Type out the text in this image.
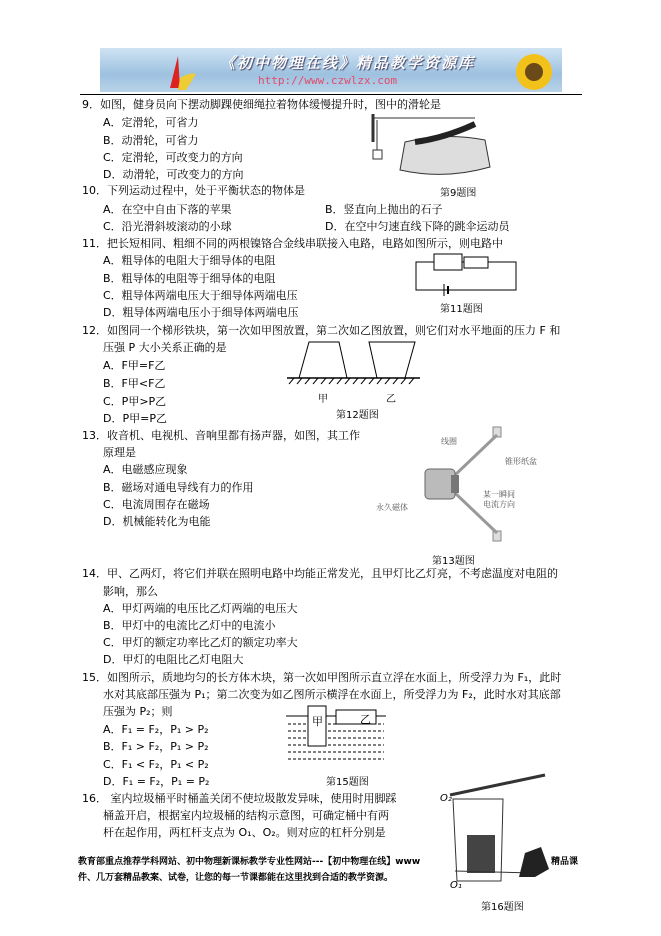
《初中物理在线》精品教学资源库
http://www.czwlzx.com
9．如图，健身员向下摆动脚踝使细绳拉着物体缓慢提升时，图中的滑轮是
A．定滑轮，可省力
B．动滑轮，可省力
C．定滑轮，可改变力的方向
D．动滑轮，可改变力的方向
第9题图
10．下列运动过程中，处于平衡状态的物体是
A．在空中自由下落的苹果	B．竖直向上抛出的石子
C．沿光滑斜坡滚动的小球	D．在空中匀速直线下降的跳伞运动员
11．把长短相同、粗细不同的两根镍铬合金线串联接入电路，电路如图所示，则电路中
A．粗导体的电阻大于细导体的电阻
B．粗导体的电阻等于细导体的电阻
C．粗导体两端电压大于细导体两端电压
D．粗导体两端电压小于细导体两端电压	第11题图
12．如图同一个梯形铁块，第一次如甲图放置，第二次如乙图放置，则它们对水平地面的压力 F 和
压强 P 大小关系正确的是
A．F甲=F乙
B．F甲<F乙
C．P甲>P乙
D．P甲=P乙
甲	乙
第12题图
13．收音机、电视机、音响里都有扬声器，如图，其工作
原理是
A．电磁感应现象
B．磁场对通电导线有力的作用
C．电流周围存在磁场
D．机械能转化为电能
线圈
锥形纸盆
某一瞬间
电流方向
永久磁体
第13题图
14．甲、乙两灯，将它们并联在照明电路中均能正常发光，且甲灯比乙灯亮，不考虑温度对电阻的
影响，那么
A．甲灯两端的电压比乙灯两端的电压大
B．甲灯中的电流比乙灯中的电流小
C．甲灯的额定功率比乙灯的额定功率大
D．甲灯的电阻比乙灯电阻大
15．如图所示，质地均匀的长方体木块，第一次如甲图所示直立浮在水面上，所受浮力为 F₁，此时
水对其底部压强为 P₁；第二次变为如乙图所示横浮在水面上，所受浮力为 F₂，此时水对其底部
压强为 P₂；则
A．F₁ = F₂，P₁ > P₂
B．F₁ > F₂，P₁ > P₂
C．F₁ < F₂，P₁ < P₂
D．F₁ = F₂，P₁ = P₂
甲	乙
第15题图
16． 室内垃圾桶平时桶盖关闭不使垃圾散发异味，使用时用脚踩
桶盖开启，根据室内垃圾桶的结构示意图，可确定桶中有两
杆在起作用，两杠杆支点为 O₁、O₂。则对应的杠杆分别是
O₂
O₁
第16题图
教育部重点推荐学科网站、初中物理新课标教学专业性网站---【初中物理在线】www
件、几万套精品教案、试卷，让您的每一节课都能在这里找到合适的教学资源。
精品课
